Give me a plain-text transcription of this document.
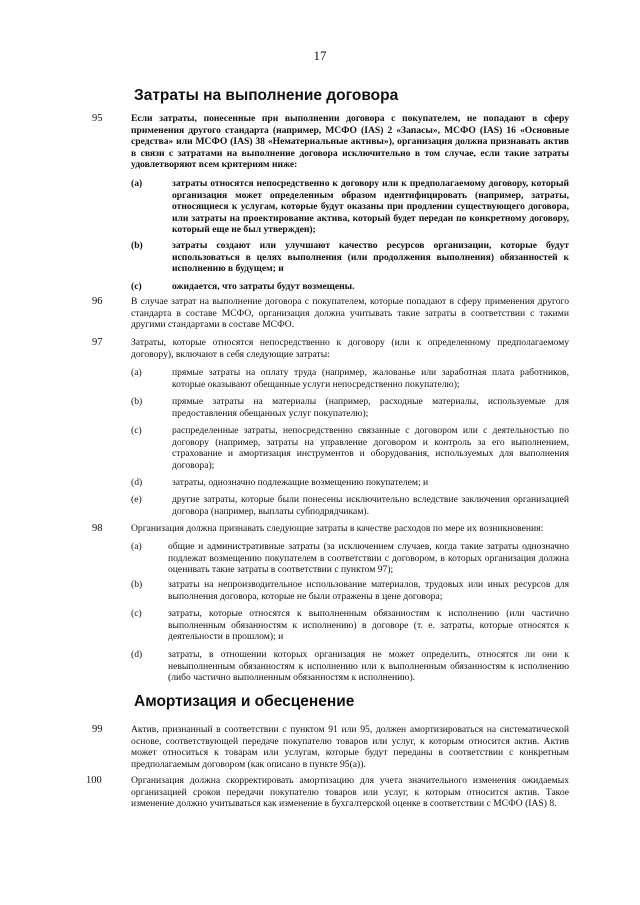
17
Затраты на выполнение договора
95	Если затраты, понесенные при выполнении договора с покупателем, не попадают в сферу применения другого стандарта (например, МСФО (IAS) 2 «Запасы», МСФО (IAS) 16 «Основные средства» или МСФО (IAS) 38 «Нематериальные активы»), организация должна признавать актив в связи с затратами на выполнение договора исключительно в том случае, если такие затраты удовлетворяют всем критериям ниже:
(a)	затраты относятся непосредственно к договору или к предполагаемому договору, который организация может определенным образом идентифицировать (например, затраты, относящиеся к услугам, которые будут оказаны при продлении существующего договора, или затраты на проектирование актива, который будет передан по конкретному договору, который еще не был утвержден);
(b)	затраты создают или улучшают качество ресурсов организации, которые будут использоваться в целях выполнения (или продолжения выполнения) обязанностей к исполнению в будущем; и
(c)	ожидается, что затраты будут возмещены.
96	В случае затрат на выполнение договора с покупателем, которые попадают в сферу применения другого стандарта в составе МСФО, организация должна учитывать такие затраты в соответствии с такими другими стандартами в составе МСФО.
97	Затраты, которые относятся непосредственно к договору (или к определенному предполагаемому договору), включают в себя следующие затраты:
(a)	прямые затраты на оплату труда (например, жалованье или заработная плата работников, которые оказывают обещанные услуги непосредственно покупателю);
(b)	прямые затраты на материалы (например, расходные материалы, используемые для предоставления обещанных услуг покупателю);
(c)	распределенные затраты, непосредственно связанные с договором или с деятельностью по договору (например, затраты на управление договором и контроль за его выполнением, страхование и амортизация инструментов и оборудования, используемых для выполнения договора);
(d)	затраты, однозначно подлежащие возмещению покупателем; и
(e)	другие затраты, которые были понесены исключительно вследствие заключения организацией договора (например, выплаты субподрядчикам).
98	Организация должна признавать следующие затраты в качестве расходов по мере их возникновения:
(a)	общие и административные затраты (за исключением случаев, когда такие затраты однозначно подлежат возмещению покупателем в соответствии с договором, в которых организация должна оценивать такие затраты в соответствии с пунктом 97);
(b)	затраты на непроизводительное использование материалов, трудовых или иных ресурсов для выполнения договора, которые не были отражены в цене договора;
(c)	затраты, которые относятся к выполненным обязанностям к исполнению (или частично выполненным обязанностям к исполнению) в договоре (т. е. затраты, которые относятся к деятельности в прошлом); и
(d)	затраты, в отношении которых организация не может определить, относятся ли они к невыполненным обязанностям к исполнению или к выполненным обязанностям к исполнению (либо частично выполненным обязанностям к исполнению).
Амортизация и обесценение
99	Актив, признанный в соответствии с пунктом 91 или 95, должен амортизироваться на систематической основе, соответствующей передаче покупателю товаров или услуг, к которым относится актив. Актив может относиться к товарам или услугам, которые будут переданы в соответствии с конкретным предполагаемым договором (как описано в пункте 95(a)).
100	Организация должна скорректировать амортизацию для учета значительного изменения ожидаемых организацией сроков передачи покупателю товаров или услуг, к которым относится актив. Такое изменение должно учитываться как изменение в бухгалтерской оценке в соответствии с МСФО (IAS) 8.
